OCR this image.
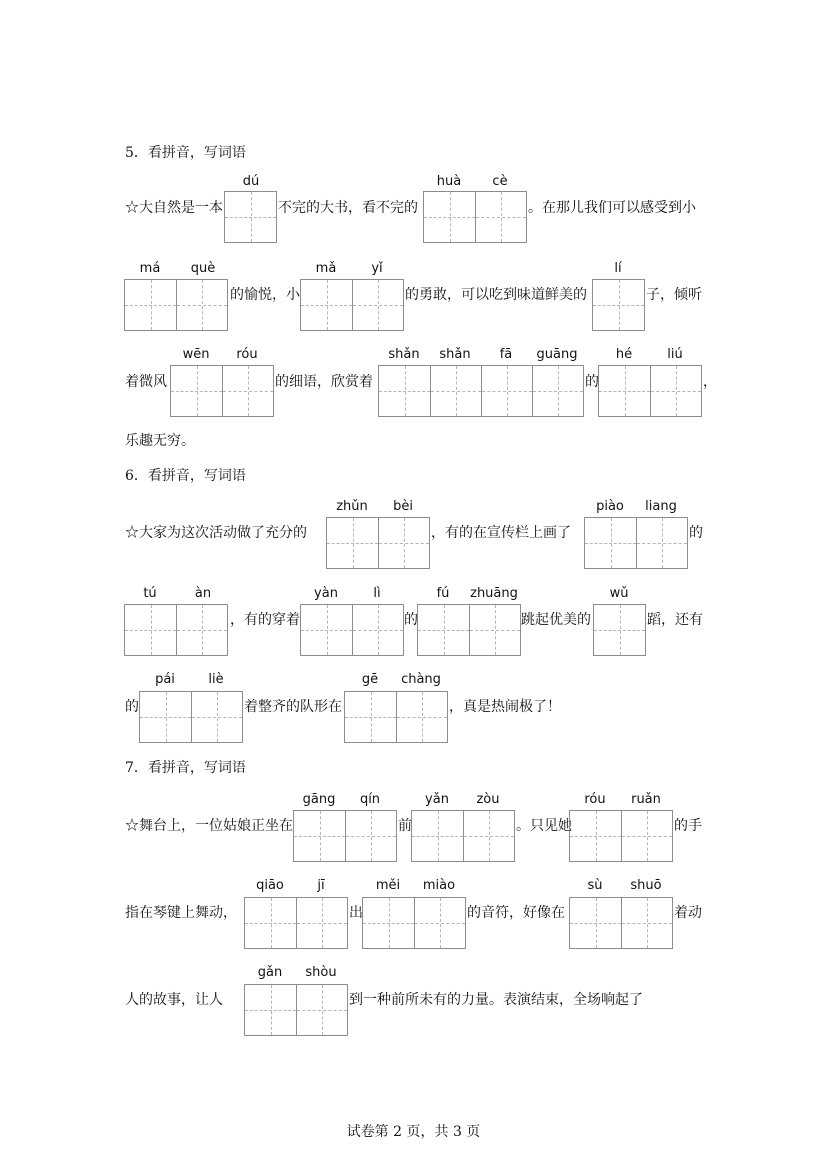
5．看拼音，写词语
dú	huà cè
☆大自然是一本	不完的大书，看不完的	。在那儿我们可以感受到小
má què	mǎ	yǐ	lí
的愉悦，小	的勇敢，可以吃到味道鲜美的	子，倾听
wēn róu	shǎn shǎn fā guāng	hé	liú
着微风	的细语，欣赏着	的	，
乐趣无穷。
6．看拼音，写词语
zhǔn bèi	piào liang
☆大家为这次活动做了充分的	，有的在宣传栏上画了	的
tú	àn	yàn	lì	fú zhuāng	wǔ
，有的穿着	的	跳起优美的	蹈，还有
pái	liè	gē chàng
的	着整齐的队形在	，真是热闹极了！
7．看拼音，写词语
gāng qín	yǎn zòu	róu ruǎn
☆舞台上，一位姑娘正坐在	前	。只见她	的手
qiāo	jī	měi miào	sù shuō
指在琴键上舞动，	出	的音符，好像在	着动
gǎn shòu
人的故事，让人	到一种前所未有的力量。表演结束，全场响起了
试卷第 2 页，共 3 页
